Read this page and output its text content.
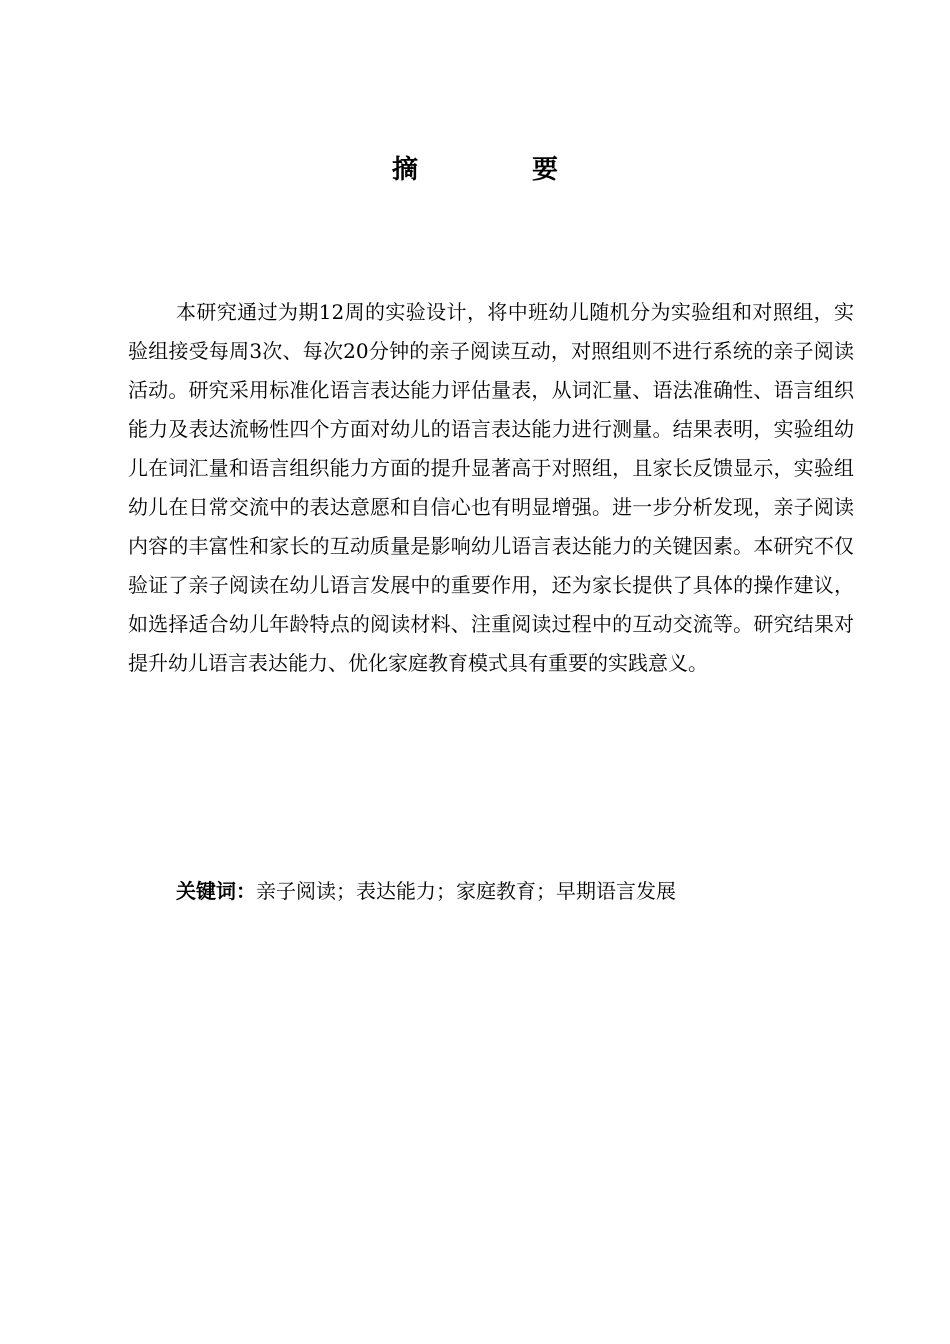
摘　要

本研究通过为期12周的实验设计，将中班幼儿随机分为实验组和对照组，实验组接受每周3次、每次20分钟的亲子阅读互动，对照组则不进行系统的亲子阅读活动。研究采用标准化语言表达能力评估量表，从词汇量、语法准确性、语言组织能力及表达流畅性四个方面对幼儿的语言表达能力进行测量。结果表明，实验组幼儿在词汇量和语言组织能力方面的提升显著高于对照组，且家长反馈显示，实验组幼儿在日常交流中的表达意愿和自信心也有明显增强。进一步分析发现，亲子阅读内容的丰富性和家长的互动质量是影响幼儿语言表达能力的关键因素。本研究不仅验证了亲子阅读在幼儿语言发展中的重要作用，还为家长提供了具体的操作建议，如选择适合幼儿年龄特点的阅读材料、注重阅读过程中的互动交流等。研究结果对提升幼儿语言表达能力、优化家庭教育模式具有重要的实践意义。

关键词：亲子阅读；表达能力；家庭教育；早期语言发展
